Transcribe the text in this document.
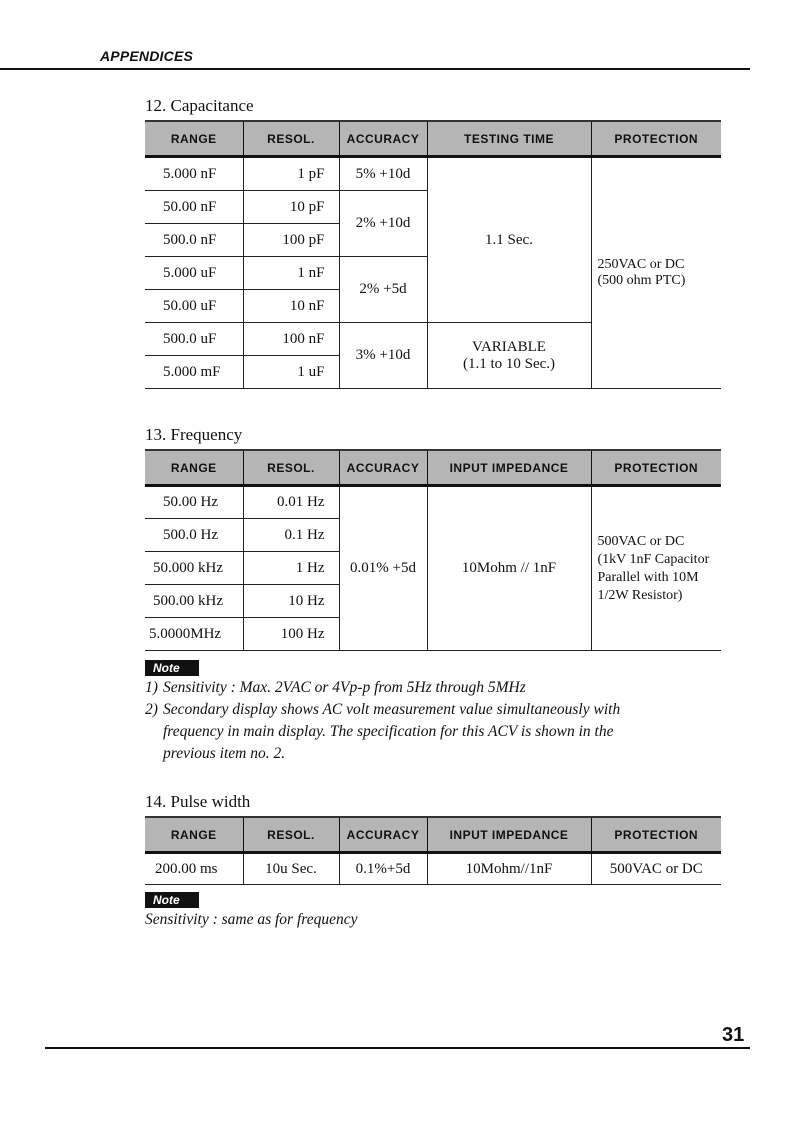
APPENDICES
12. Capacitance
RANGE	RESOL.	ACCURACY	TESTING TIME	PROTECTION
5.000 nF	1 pF	5% +10d	1.1 Sec.	250VAC or DC
(500 ohm PTC)

50.00 nF	10 pF	2% +10d		
500.0 nF	100 pF			
5.000 uF	1 nF	2% +5d		
50.00 uF	10 nF			
500.0 uF	100 nF	3% +10d	VARIABLE
(1.1 to 10 Sec.)	

5.000 mF	1 uF			
13. Frequency
RANGE	RESOL.	ACCURACY	INPUT IMPEDANCE	PROTECTION
50.00 Hz	0.01 Hz	0.01% +5d	10Mohm // 1nF	500VAC or DC
(1kV 1nF Capacitor
Parallel with 10M
1/2W Resistor)

500.0 Hz	0.1 Hz			
50.000 kHz	1 Hz			
500.00 kHz	10 Hz			
5.0000MHz	100 Hz			
Note
1) Sensitivity : Max. 2VAC or 4Vp-p from 5Hz through 5MHz
2) Secondary display shows AC volt measurement value simultaneously with
frequency in main display. The specification for this ACV is shown in the
previous item no. 2.
14. Pulse width
RANGE	RESOL.	ACCURACY	INPUT IMPEDANCE	PROTECTION
200.00 ms	10u Sec.	0.1%+5d	10Mohm//1nF	500VAC or DC
Note
Sensitivity : same as for frequency
31
